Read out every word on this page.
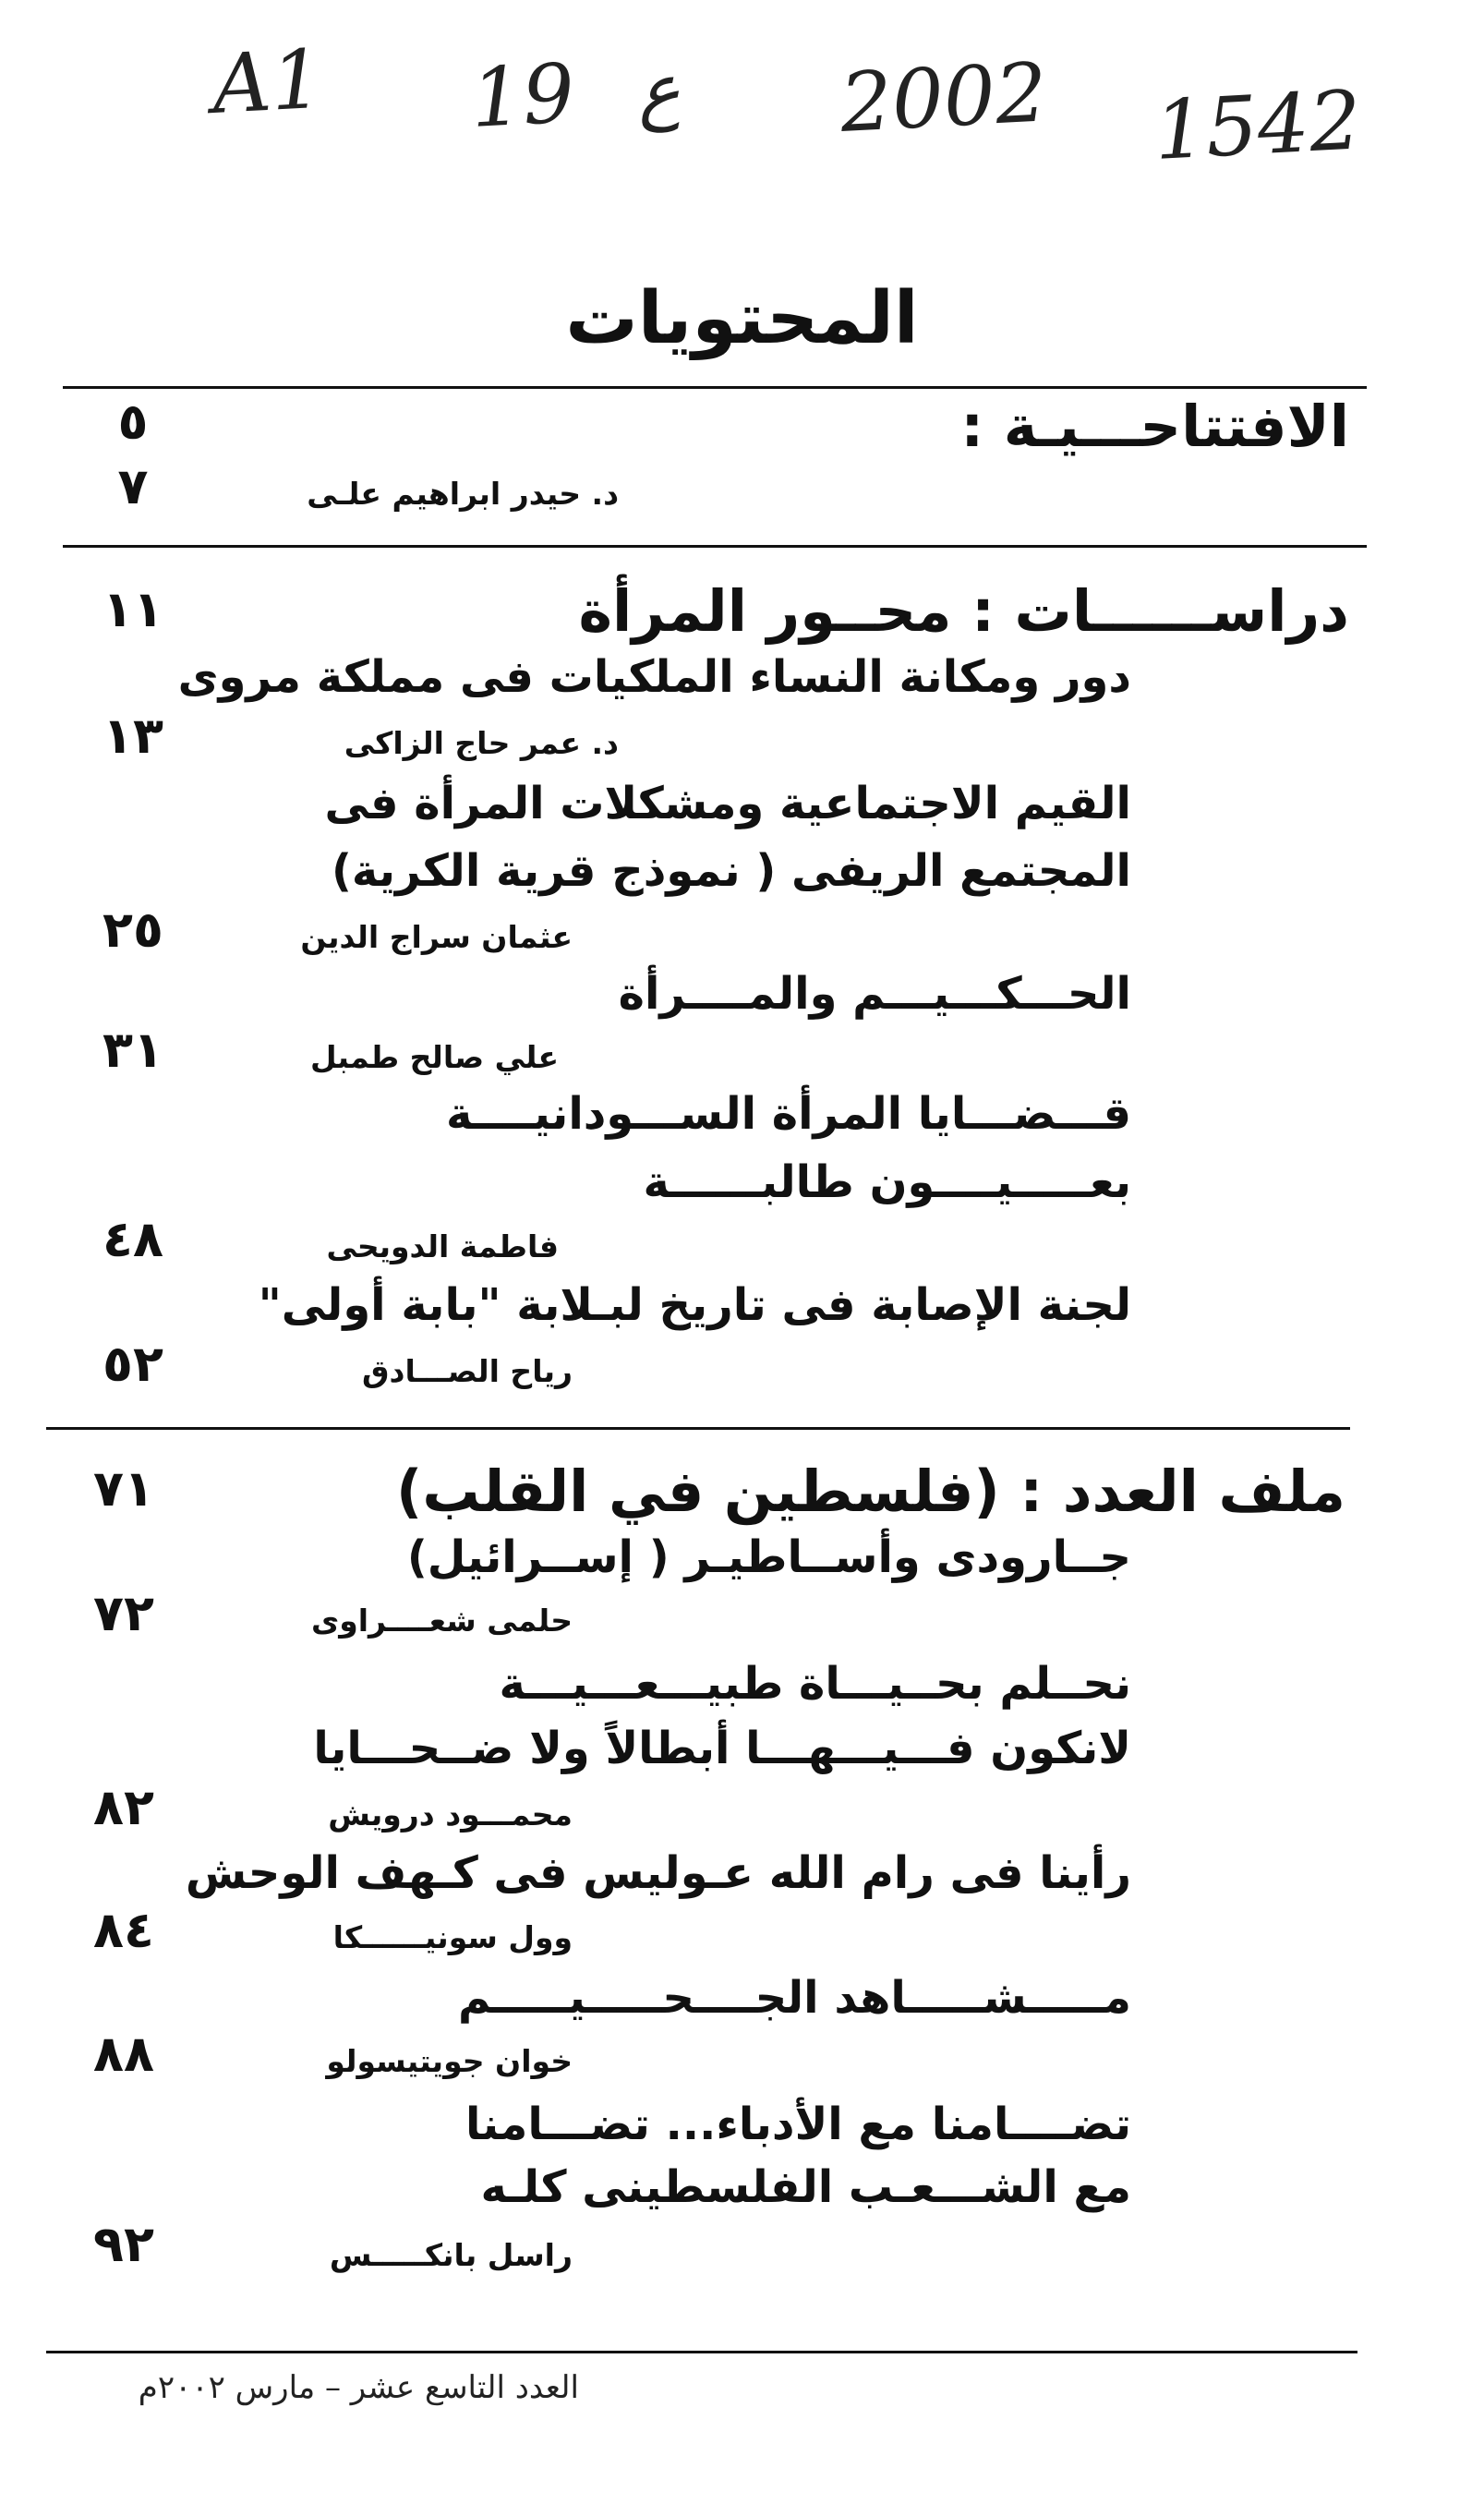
A1 19 ع 2002 1542
المحتويات
الافتتاحـــيـة :
٥
د. حيدر ابراهيم علـى
٧
دراســــــات : محــور المرأة
١١
دور ومكانة النساء الملكيات فى مملكة مروى
د. عمر حاج الزاكى
١٣
القيم الاجتماعية ومشكلات المرأة فى
المجتمع الريفى ( نموذج قرية الكرية)
عثمان سراج الدين
٢٥
الحـــكـــيـــم والمــــرأة
علي صالح طمبل
٣١
قـــضـــايا المرأة الســـودانيــــة
بعـــــيــــون طالبــــــة
فاطمة الدويحى
٤٨
لجنة الإصابة فى تاريخ لبـلابة "بابة أولى"
رياح الصـــادق
٥٢
ملف العدد : (فلسطين في القلب)
٧١
جــارودى وأســاطيـر ( إســرائيل)
حلمى شعــــراوى
٧٢
نحــلم بحــيـــاة طبيـــعـــيـــة
لانكون فـــيـــهـــا أبطالاً ولا ضــحـــايا
محمـــود درويش
٨٢
رأينا فى رام الله عـوليس فى كـهف الوحش
وول سونيــــــكا
٨٤
مـــــشـــــاهد الجــــحـــــيـــــم
خوان جويتيسولو
٨٨
تضــــامنا مع الأدباء... تضـــامنا
مع الشـــعـب الفلسطينى كلـه
راسل بانكـــــس
٩٢
العدد التاسع عشر – مارس ٢٠٠٢م
